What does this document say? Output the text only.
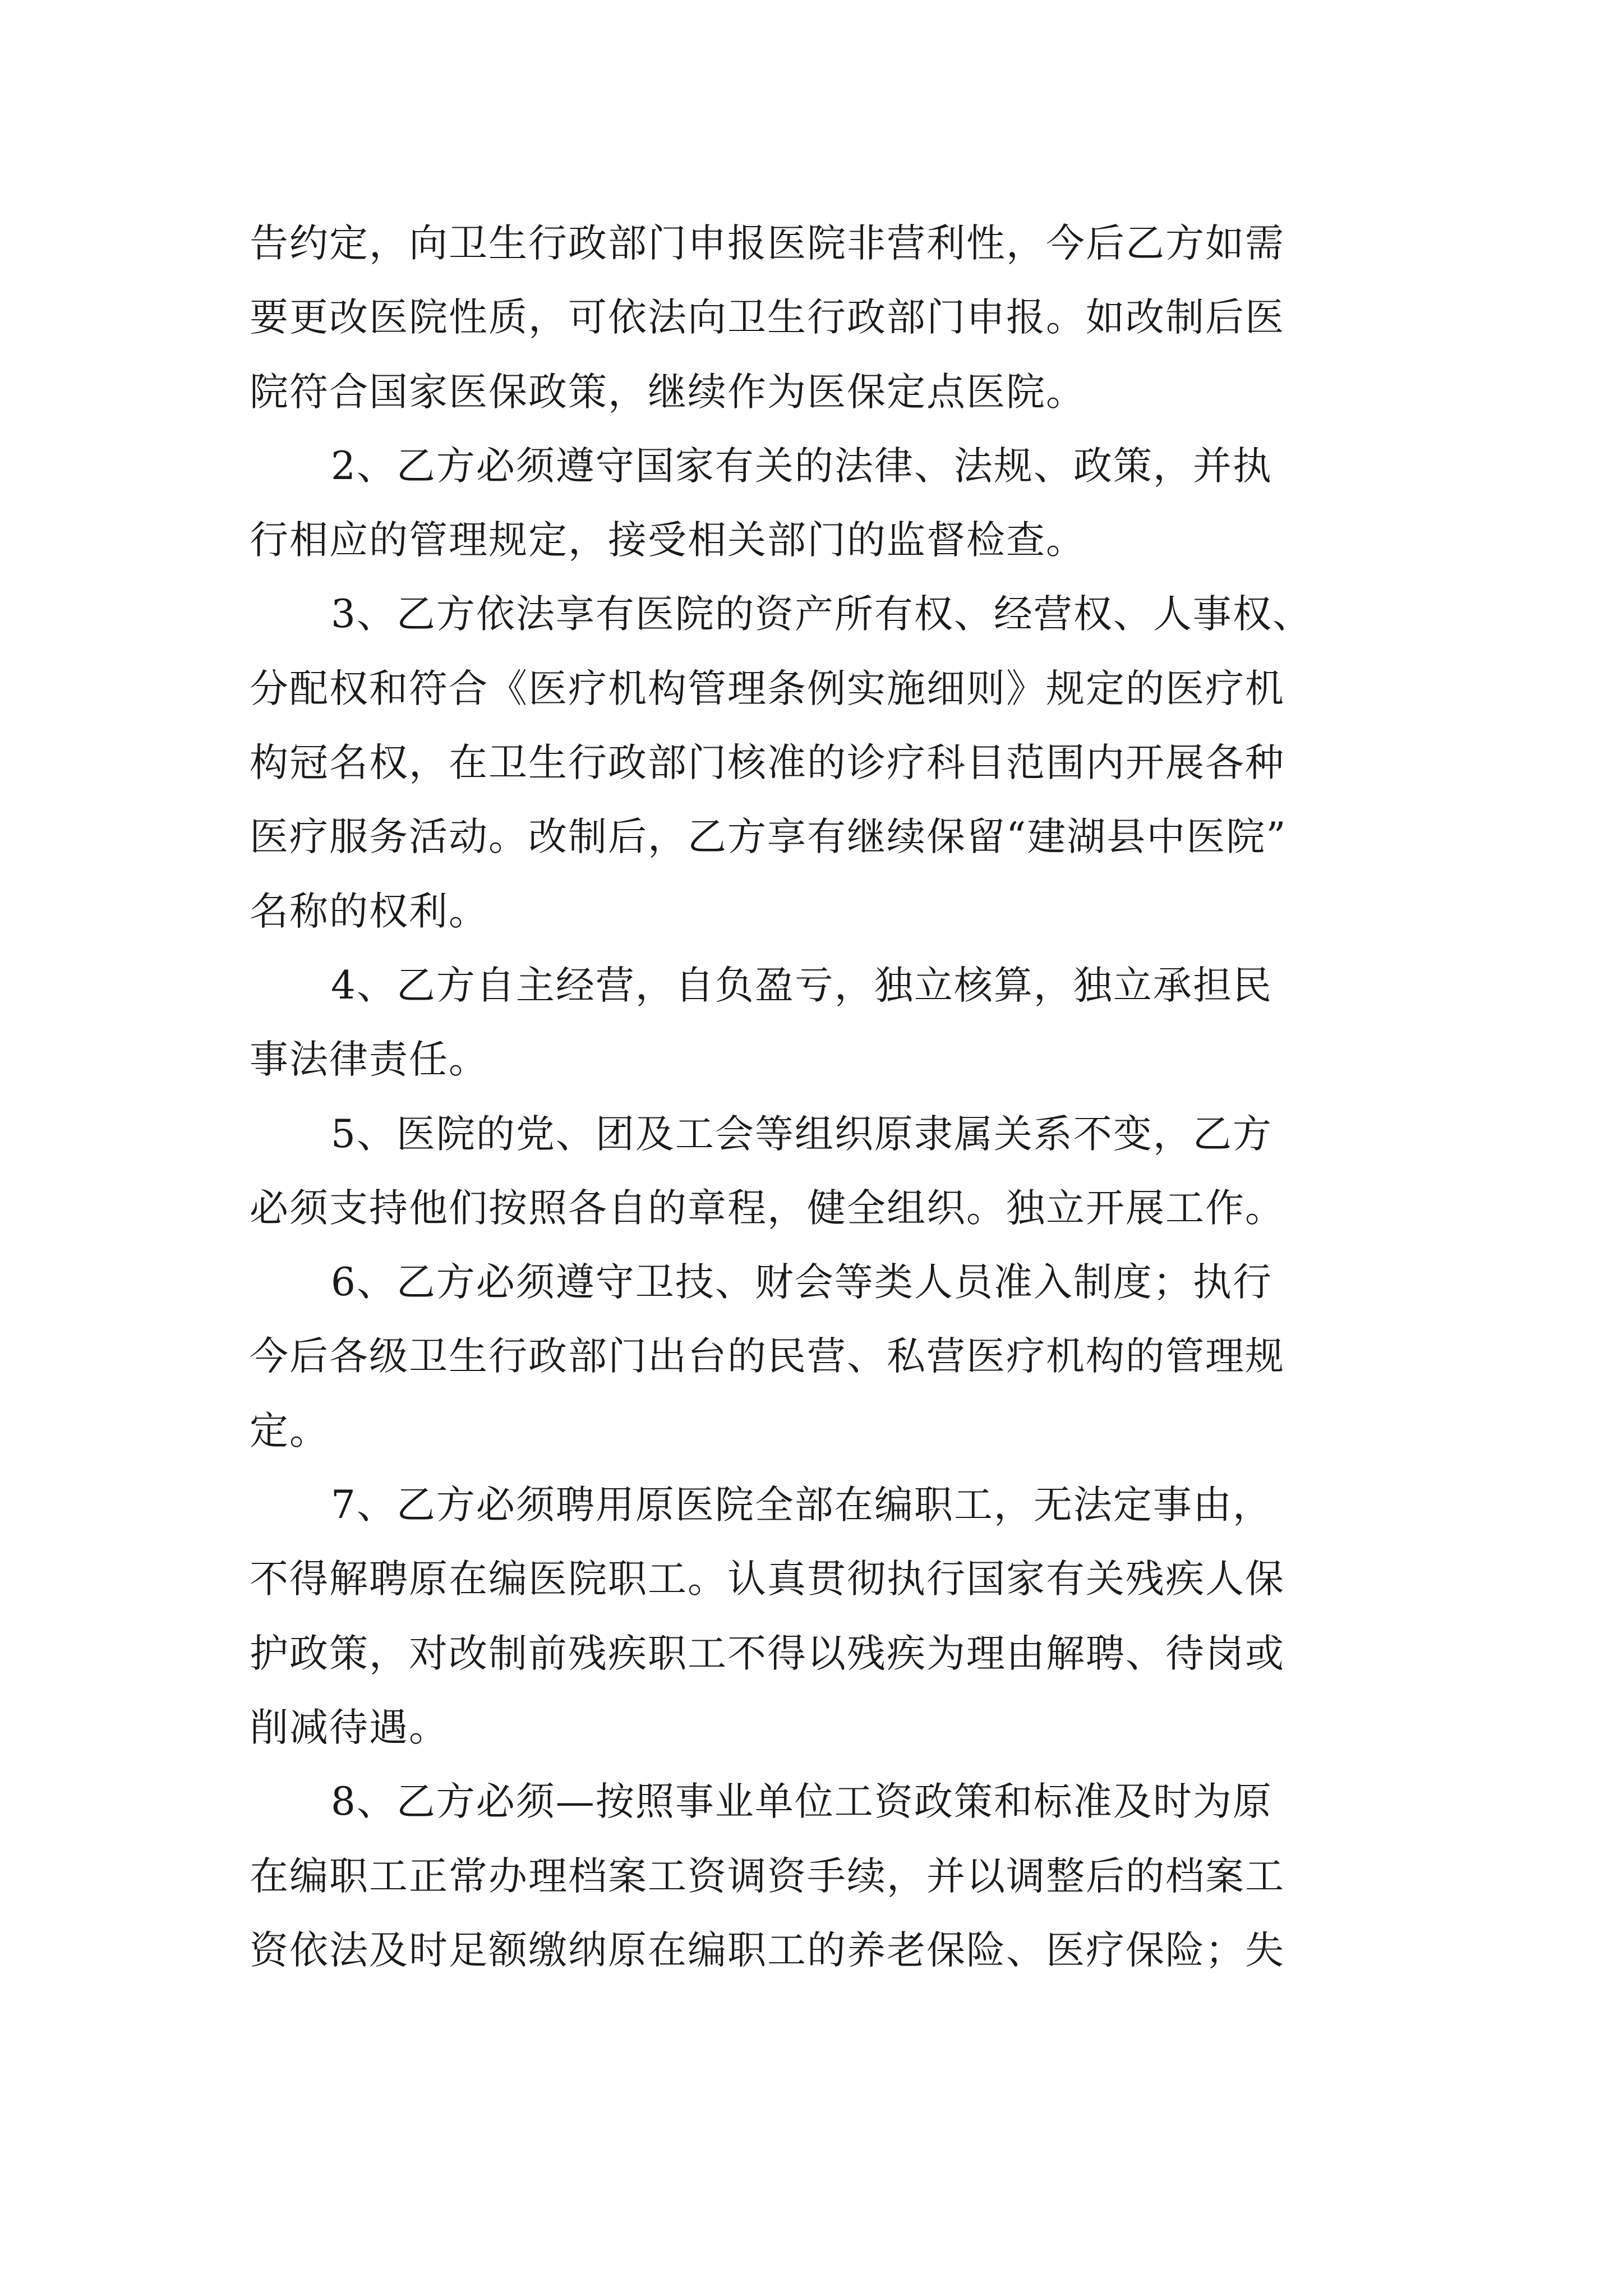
告约定，向卫生行政部门申报医院非营利性，今后乙方如需
要更改医院性质，可依法向卫生行政部门申报。如改制后医
院符合国家医保政策，继续作为医保定点医院。
2、乙方必须遵守国家有关的法律、法规、政策，并执
行相应的管理规定，接受相关部门的监督检查。
3、乙方依法享有医院的资产所有权、经营权、人事权、
分配权和符合《医疗机构管理条例实施细则》规定的医疗机
构冠名权，在卫生行政部门核准的诊疗科目范围内开展各种
医疗服务活动。改制后，乙方享有继续保留“建湖县中医院”
名称的权利。
4、乙方自主经营，自负盈亏，独立核算，独立承担民
事法律责任。
5、医院的党、团及工会等组织原隶属关系不变，乙方
必须支持他们按照各自的章程，健全组织。独立开展工作。
6、乙方必须遵守卫技、财会等类人员准入制度；执行
今后各级卫生行政部门出台的民营、私营医疗机构的管理规
定。
7、乙方必须聘用原医院全部在编职工，无法定事由，
不得解聘原在编医院职工。认真贯彻执行国家有关残疾人保
护政策，对改制前残疾职工不得以残疾为理由解聘、待岗或
削减待遇。
8、乙方必须—按照事业单位工资政策和标准及时为原
在编职工正常办理档案工资调资手续，并以调整后的档案工
资依法及时足额缴纳原在编职工的养老保险、医疗保险；失
